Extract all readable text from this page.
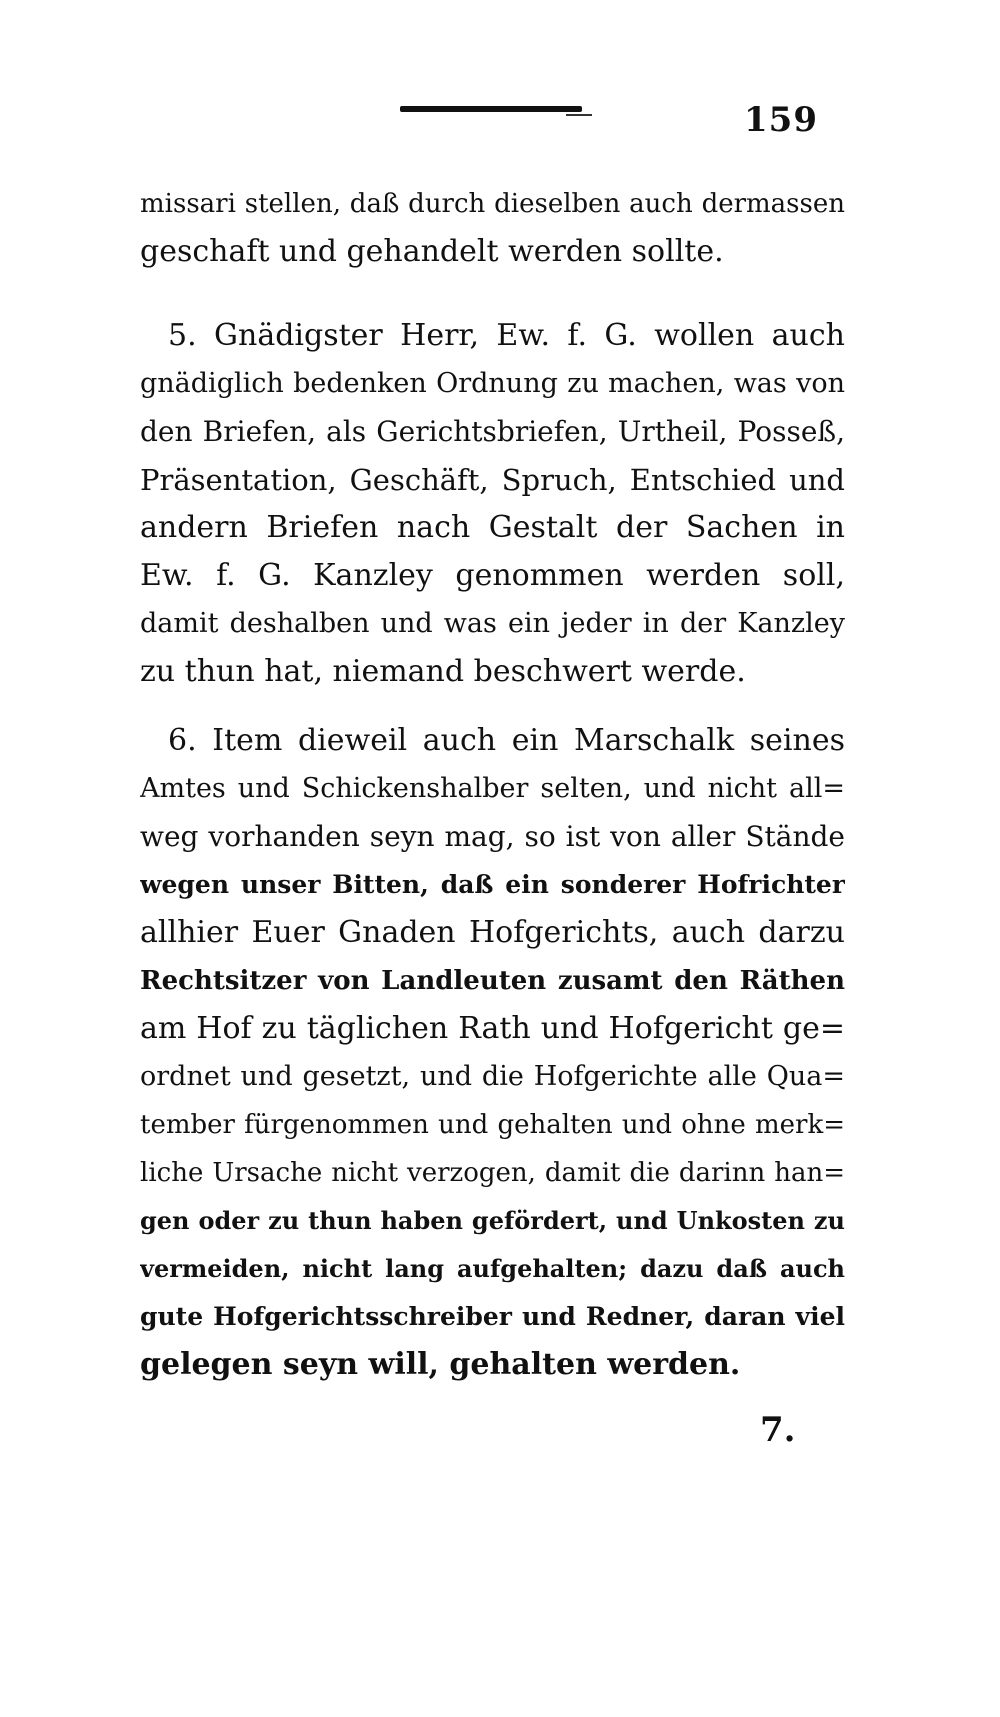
159
missari stellen, daß durch dieselben auch dermassen
geschaft und gehandelt werden sollte.
5. Gnädigster Herr, Ew. f. G. wollen auch
gnädiglich bedenken Ordnung zu machen, was von
den Briefen, als Gerichtsbriefen, Urtheil, Posseß,
Präsentation, Geschäft, Spruch, Entschied und
andern Briefen nach Gestalt der Sachen in
Ew. f. G. Kanzley genommen werden soll,
damit deshalben und was ein jeder in der Kanzley
zu thun hat, niemand beschwert werde.
6. Item dieweil auch ein Marschalk seines
Amtes und Schickenshalber selten, und nicht all=
weg vorhanden seyn mag, so ist von aller Stände
wegen unser Bitten, daß ein sonderer Hofrichter
allhier Euer Gnaden Hofgerichts, auch darzu
Rechtsitzer von Landleuten zusamt den Räthen
am Hof zu täglichen Rath und Hofgericht ge=
ordnet und gesetzt, und die Hofgerichte alle Qua=
tember fürgenommen und gehalten und ohne merk=
liche Ursache nicht verzogen, damit die darinn han=
gen oder zu thun haben gefördert, und Unkosten zu
vermeiden, nicht lang aufgehalten; dazu daß auch
gute Hofgerichtsschreiber und Redner, daran viel
gelegen seyn will, gehalten werden.
7.
